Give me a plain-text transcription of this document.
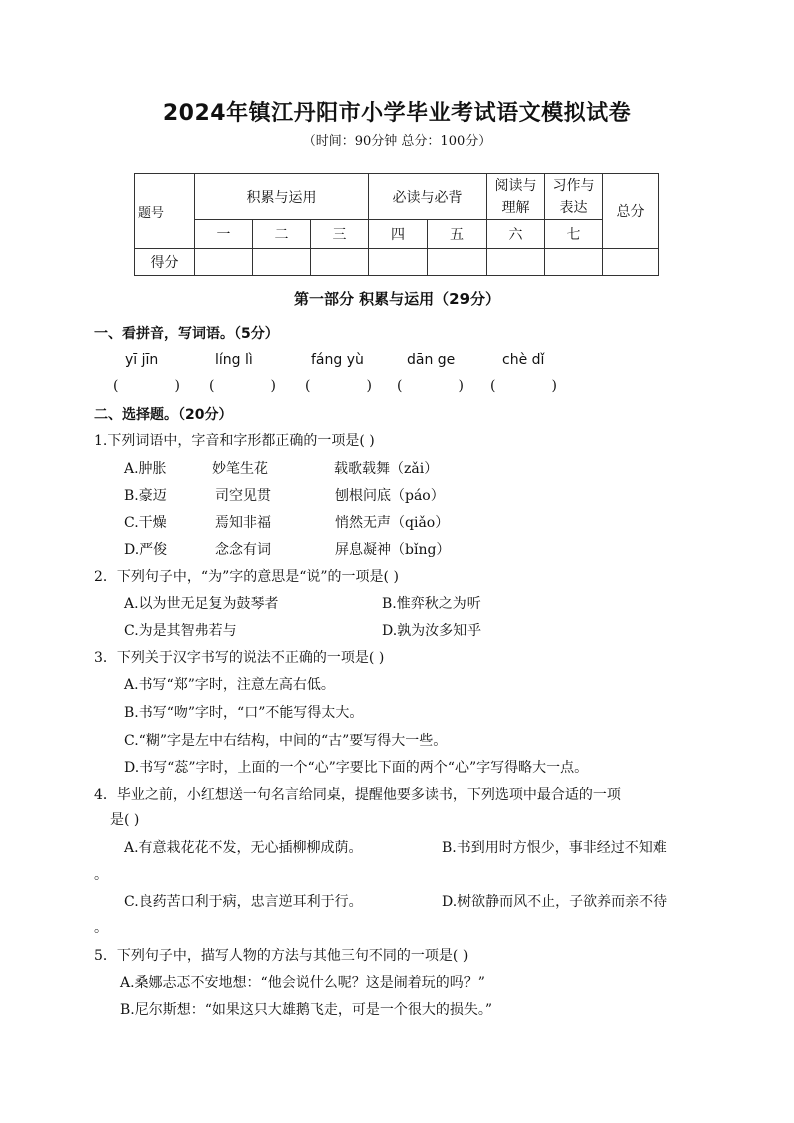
2024年镇江丹阳市小学毕业考试语文模拟试卷
（时间：90分钟 总分：100分）
题号	积累与运用			必读与必背		阅读与理解	习作与表达	总分
	一	二	三	四	五	六	七	
得分								
第一部分 积累与运用（29分）
一、看拼音，写词语。（5分）
yī jīn	líng lì	fáng yù	dān ge	chè dǐ
(	) (	) (	) (	) (	)
二、选择题。（20分）
1.下列词语中，字音和字形都正确的一项是( )
A.肿胀	妙笔生花	载歌载舞（zǎi）
B.豪迈	司空见贯	刨根问底（páo）
C.干燥	焉知非福	悄然无声（qiǎo）
D.严俊	念念有词	屏息凝神（bǐng）
2．下列句子中，“为”字的意思是“说”的一项是( )
A.以为世无足复为鼓琴者	B.惟弈秋之为听
C.为是其智弗若与	D.孰为汝多知乎
3．下列关于汉字书写的说法不正确的一项是( )
A.书写“郑”字时，注意左高右低。
B.书写“吻”字时，“口”不能写得太大。
C.“糊”字是左中右结构，中间的“古”要写得大一些。
D.书写“蕊”字时，上面的一个“心”字要比下面的两个“心”字写得略大一点。
4．毕业之前，小红想送一句名言给同桌，提醒他要多读书，下列选项中最合适的一项
是( )
A.有意栽花花不发，无心插柳柳成荫。	B.书到用时方恨少，事非经过不知难
。
C.良药苦口利于病，忠言逆耳利于行。	D.树欲静而风不止，子欲养而亲不待
。
5．下列句子中，描写人物的方法与其他三句不同的一项是( )
A.桑娜忐忑不安地想：“他会说什么呢？这是闹着玩的吗？”
B.尼尔斯想：“如果这只大雄鹅飞走，可是一个很大的损失。”
